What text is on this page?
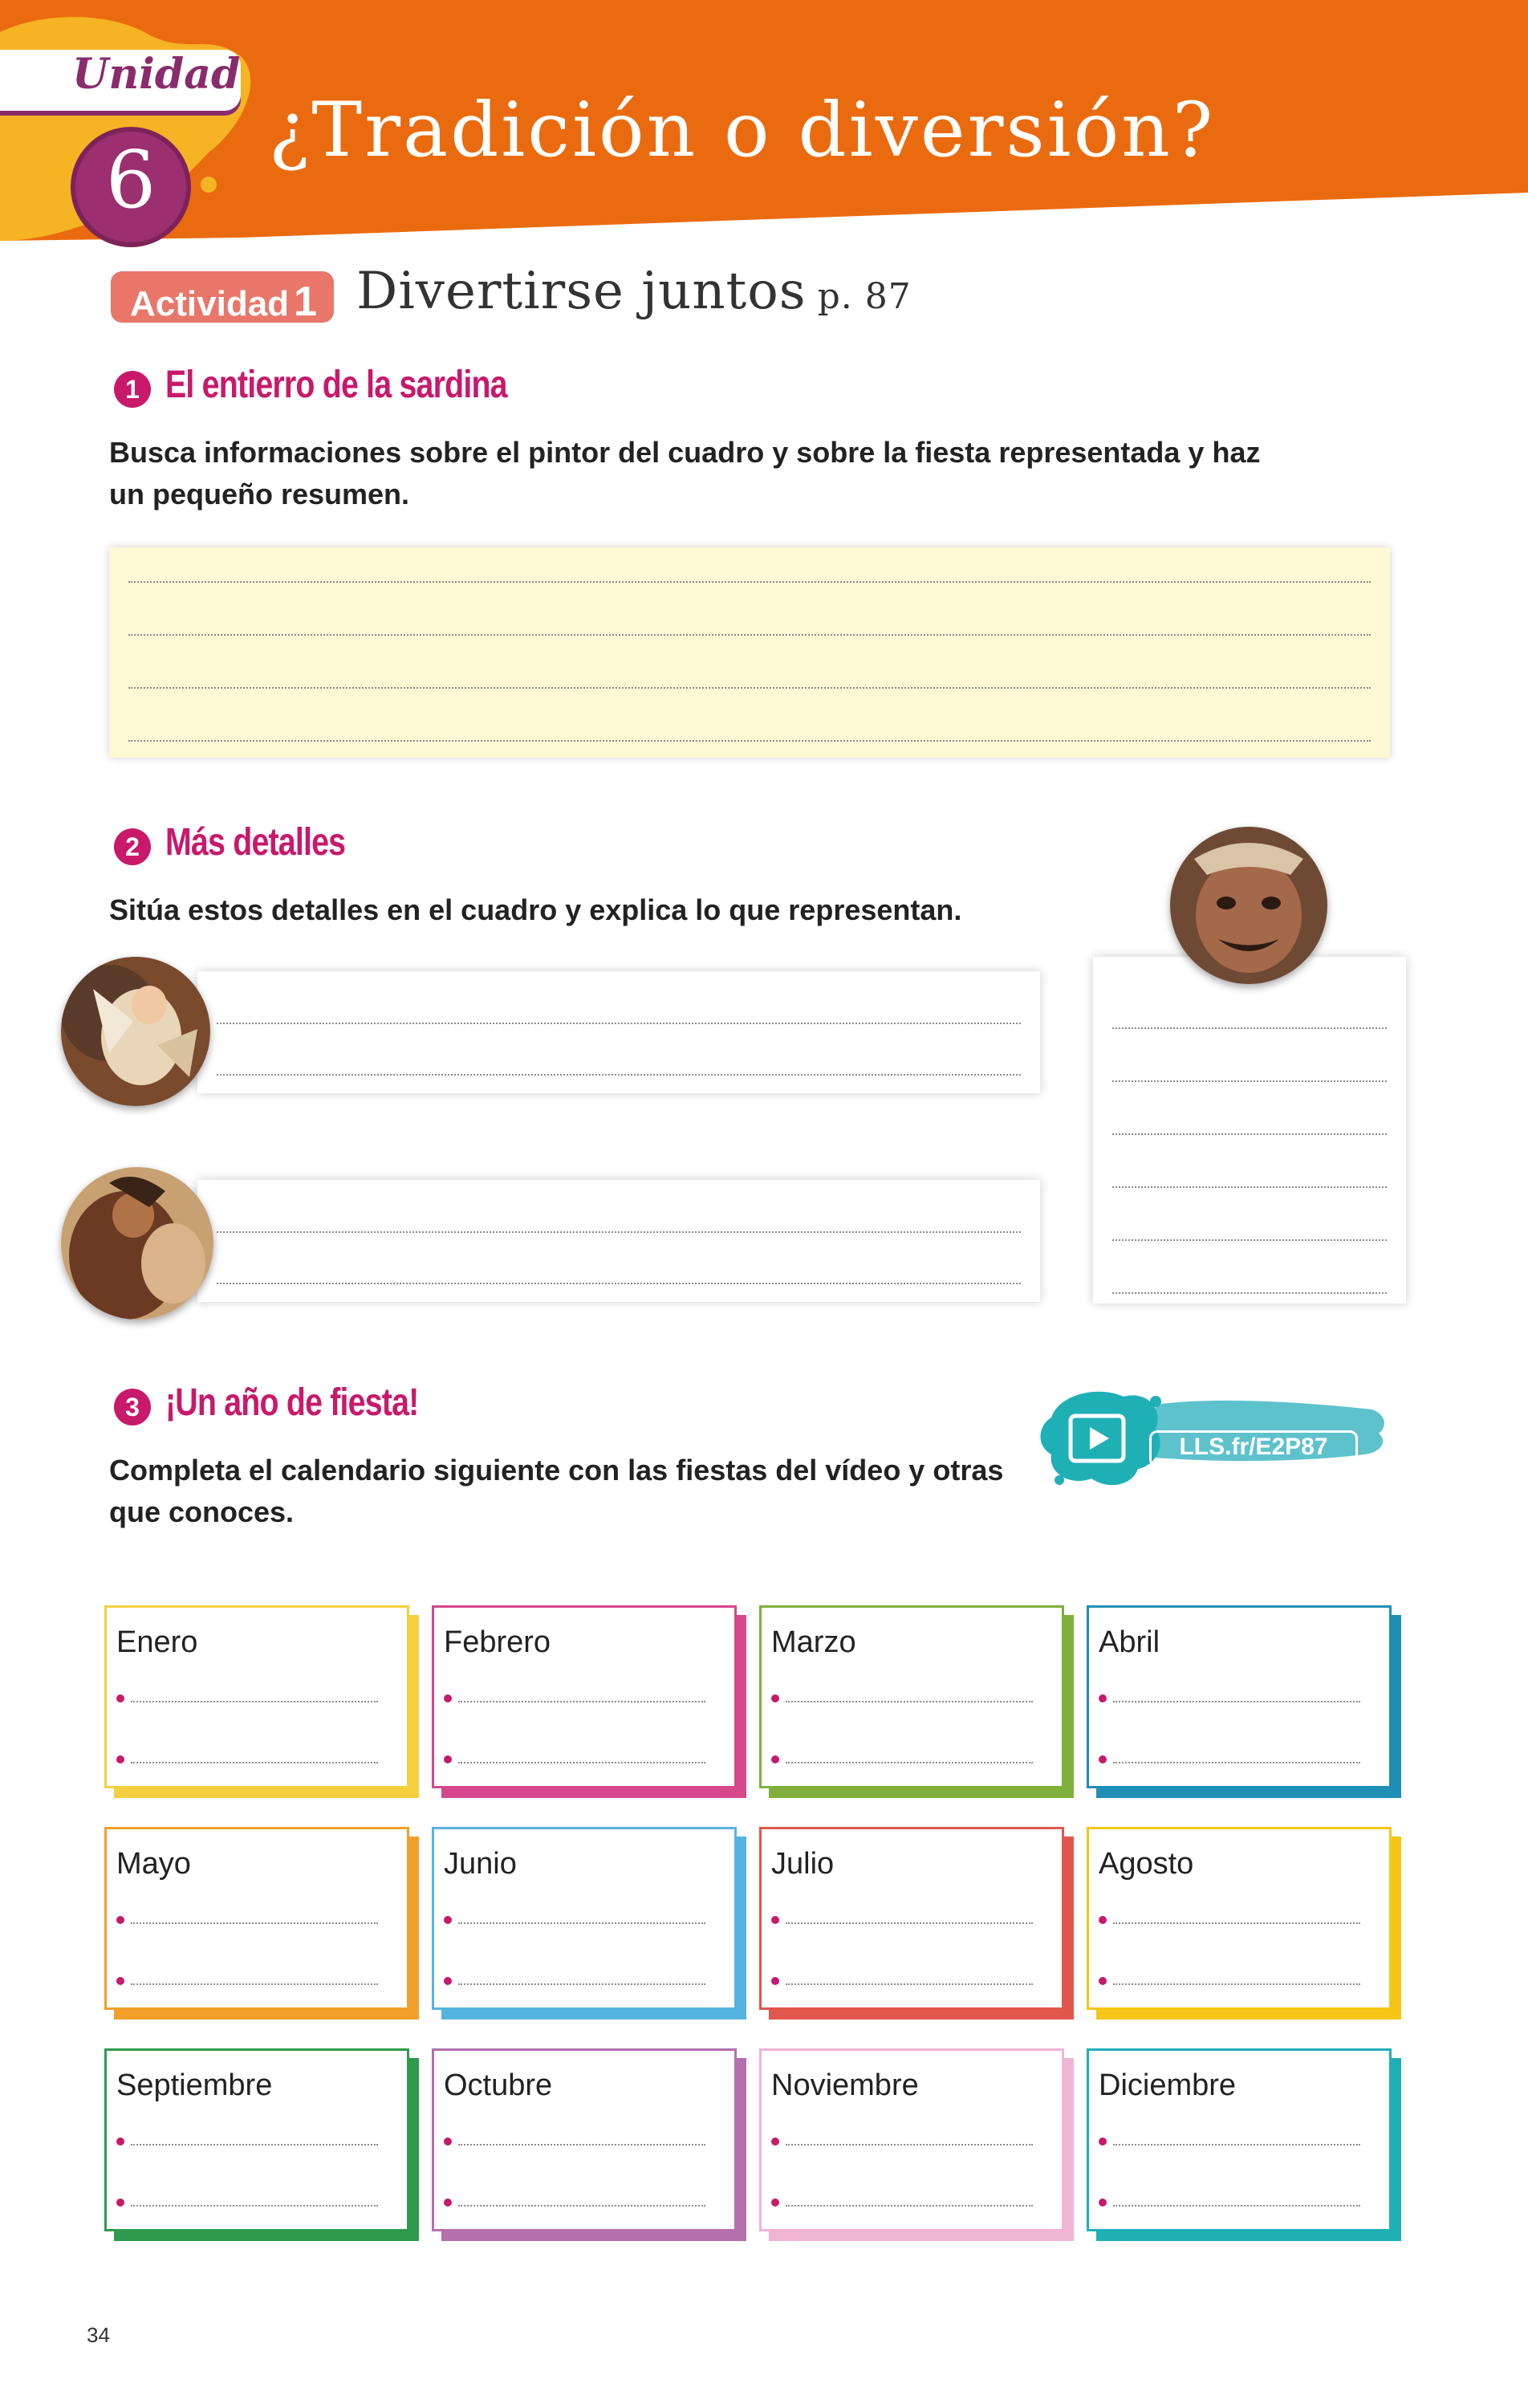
Unidad
6
¿Tradición o diversión?
Actividad 1 Divertirse juntos p. 87
1 El entierro de la sardina
Busca informaciones sobre el pintor del cuadro y sobre la fiesta representada y haz un pequeño resumen.
2 Más detalles
Sitúa estos detalles en el cuadro y explica lo que representan.
3 ¡Un año de fiesta!
Completa el calendario siguiente con las fiestas del vídeo y otras que conoces.
vidéo
LLS.fr/E2P87
Enero	Febrero	Marzo	Abril
Mayo	Junio	Julio	Agosto
Septiembre	Octubre	Noviembre	Diciembre
34
